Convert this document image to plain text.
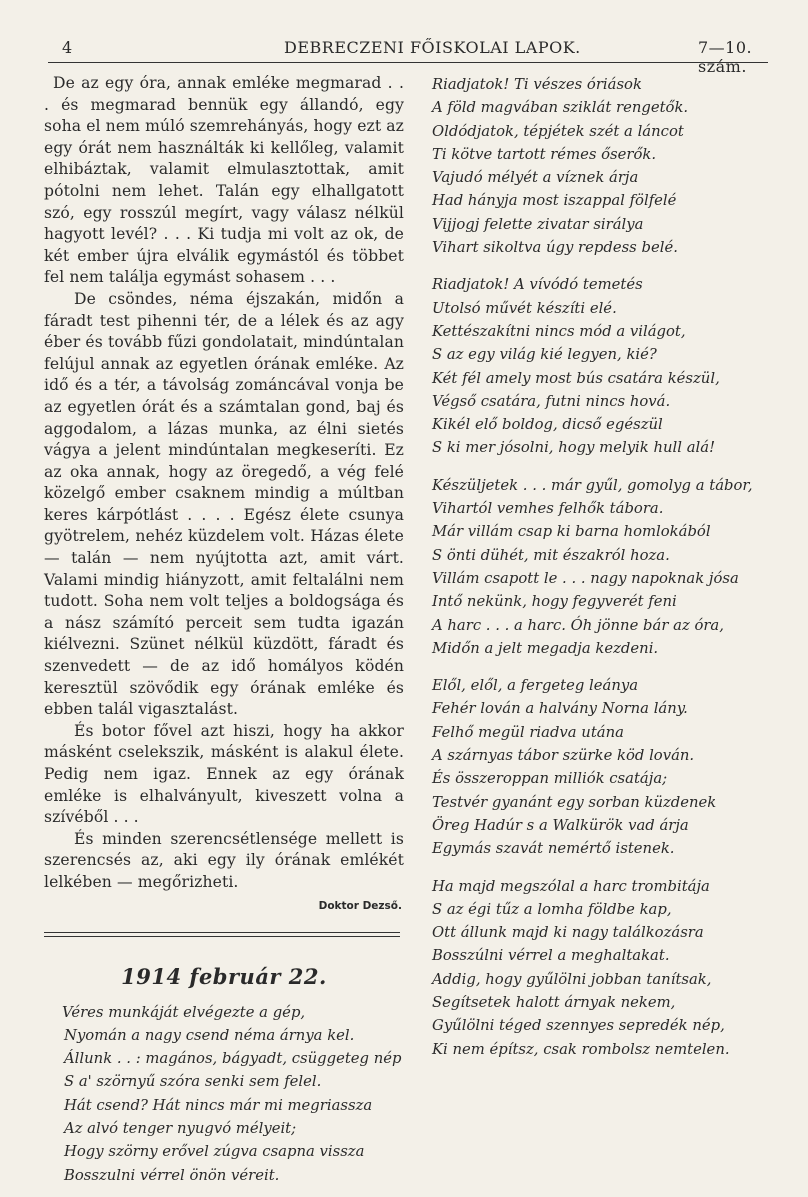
4	DEBRECZENI FŐISKOLAI LAPOK.	7—10. szám.

De az egy óra, annak emléke megmarad . . . és megmarad bennük egy állandó, egy soha el nem múló szemrehányás, hogy ezt az egy órát nem használták ki kellőleg, valamit elhibáztak, valamit elmulasztottak, amit pótolni nem lehet. Talán egy elhallgatott szó, egy rosszúl megírt, vagy válasz nélkül hagyott levél? . . . Ki tudja mi volt az ok, de két ember újra elválik egymástól és többet fel nem találja egymást sohasem . . .

De csöndes, néma éjszakán, midőn a fáradt test pihenni tér, de a lélek és az agy éber és tovább fűzi gondolatait, mindúntalan felújul annak az egyetlen órának emléke. Az idő és a tér, a távolság zománcával vonja be az egyetlen órát és a számtalan gond, baj és aggodalom, a lázas munka, az élni sietés vágya a jelent mindúntalan megkeseríti. Ez az oka annak, hogy az öregedő, a vég felé közelgő ember csaknem mindig a múltban keres kárpótlást . . . . Egész élete csunya gyötrelem, nehéz küzdelem volt. Házas élete — talán — nem nyújtotta azt, amit várt. Valami mindig hiányzott, amit feltalálni nem tudott. Soha nem volt teljes a boldogsága és a nász számító perceit sem tudta igazán kiélvezni. Szünet nélkül küzdött, fáradt és szenvedett — de az idő homályos ködén keresztül szövődik egy órának emléke és ebben talál vigasztalást.

És botor fővel azt hiszi, hogy ha akkor másként cselekszik, másként is alakul élete. Pedig nem igaz. Ennek az egy órának emléke is elhalványult, kiveszett volna a szívéből . . .

És minden szerencsétlensége mellett is szerencsés az, aki egy ily órának emlékét lelkében — megőrizheti.

Doktor Dezső.
1914 február 22.
Véres munkáját elvégezte a gép,
Nyomán a nagy csend néma árnya kel.
Állunk . . : magános, bágyadt, csüggeteg nép
S a' szörnyű szóra senki sem felel.
Hát csend? Hát nincs már mi megriassza
Az alvó tenger nyugvó mélyeit;
Hogy szörny erővel zúgva csapna vissza
Bosszulni vérrel önön véreit.
Riadjatok! Ti vészes óriások
A föld magvában sziklát rengetők.
Oldódjatok, tépjétek szét a láncot
Ti kötve tartott rémes őserők.
Vajudó mélyét a víznek árja
Had hányja most iszappal fölfelé
Vijjogj felette zivatar sirálya
Vihart sikoltva úgy repdess belé.
Riadjatok! A vívódó temetés
Utolsó művét készíti elé.
Kettészakítni nincs mód a világot,
S az egy világ kié legyen, kié?
Két fél amely most bús csatára készül,
Végső csatára, futni nincs hová.
Kikél elő boldog, dicső egészül
S ki mer jósolni, hogy melyik hull alá!
Készüljetek . . . már gyűl, gomolyg a tábor,
Vihartól vemhes felhők tábora.
Már villám csap ki barna homlokából
S önti dühét, mit északról hoza.
Villám csapott le . . . nagy napoknak jósa
Intő nekünk, hogy fegyverét feni
A harc . . . a harc. Óh jönne bár az óra,
Midőn a jelt megadja kezdeni.
Elől, elől, a fergeteg leánya
Fehér lován a halvány Norna lány.
Felhő megül riadva utána
A szárnyas tábor szürke köd lován.
És összeroppan milliók csatája;
Testvér gyanánt egy sorban küzdenek
Öreg Hadúr s a Walkürök vad árja
Egymás szavát nemértő istenek.
Ha majd megszólal a harc trombitája
S az égi tűz a lomha földbe kap,
Ott állunk majd ki nagy találkozásra
Bosszúlni vérrel a meghaltakat.
Addig, hogy gyűlölni jobban tanítsak,
Segítsetek halott árnyak nekem,
Gyűlölni téged szennyes sepredék nép,
Ki nem építsz, csak rombolsz nemtelen.
